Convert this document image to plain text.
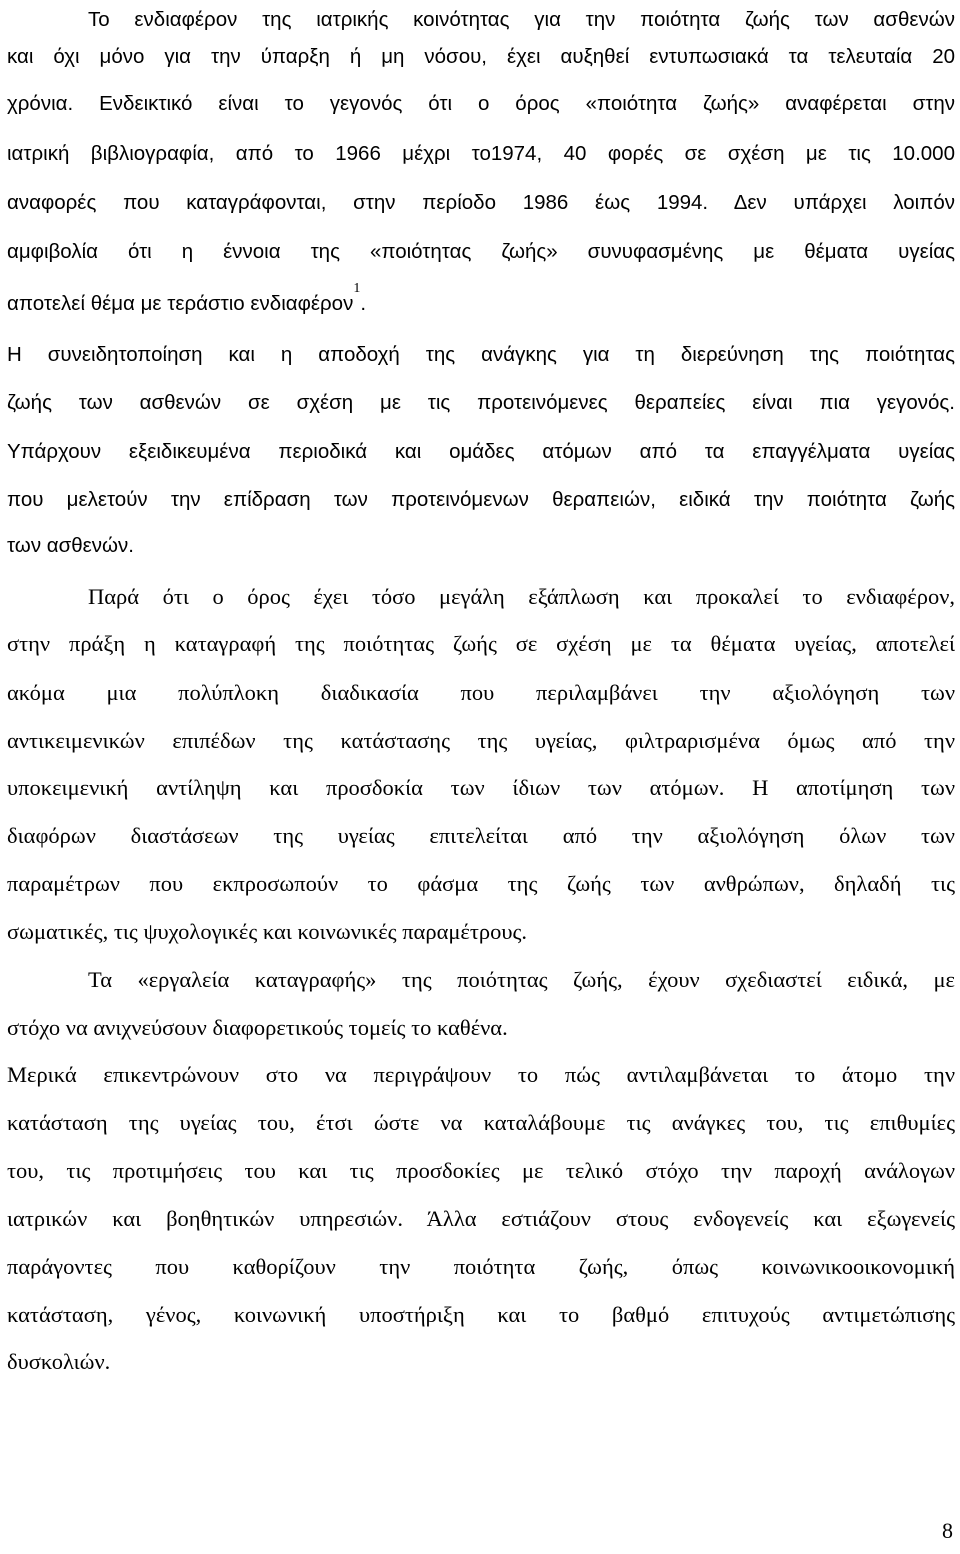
Το ενδιαφέρον της ιατρικής κοινότητας για την ποιότητα ζωής των ασθενών
και όχι μόνο για την ύπαρξη ή μη νόσου, έχει αυξηθεί εντυπωσιακά τα τελευταία 20
χρόνια. Ενδεικτικό είναι το γεγονός ότι ο όρος «ποιότητα ζωής» αναφέρεται στην
ιατρική βιβλιογραφία, από το 1966 μέχρι το1974, 40 φορές σε σχέση με τις 10.000
αναφορές που καταγράφονται, στην περίοδο 1986 έως 1994. Δεν υπάρχει λοιπόν
αμφιβολία ότι η έννοια της «ποιότητας ζωής» συνυφασμένης με θέματα υγείας
αποτελεί θέμα με τεράστιο ενδιαφέρον$^1$.
Η συνειδητοποίηση και η αποδοχή της ανάγκης για τη διερεύνηση της ποιότητας
ζωής των ασθενών σε σχέση με τις προτεινόμενες θεραπείες είναι πια γεγονός.
Υπάρχουν εξειδικευμένα περιοδικά και ομάδες ατόμων από τα επαγγέλματα υγείας
που μελετούν την επίδραση των προτεινόμενων θεραπειών, ειδικά την ποιότητα ζωής
των ασθενών.
Παρά ότι ο όρος έχει τόσο μεγάλη εξάπλωση και προκαλεί το ενδιαφέρον,
στην πράξη η καταγραφή της ποιότητας ζωής σε σχέση με τα θέματα υγείας, αποτελεί
ακόμα μια πολύπλοκη διαδικασία που περιλαμβάνει την αξιολόγηση των
αντικειμενικών επιπέδων της κατάστασης της υγείας, φιλτραρισμένα όμως από την
υποκειμενική αντίληψη και προσδοκία των ίδιων των ατόμων. Η αποτίμηση των
διαφόρων διαστάσεων της υγείας επιτελείται από την αξιολόγηση όλων των
παραμέτρων που εκπροσωπούν το φάσμα της ζωής των ανθρώπων, δηλαδή τις
σωματικές, τις ψυχολογικές και κοινωνικές παραμέτρους.
Τα «εργαλεία καταγραφής» της ποιότητας ζωής, έχουν σχεδιαστεί ειδικά, με
στόχο να ανιχνεύσουν διαφορετικούς τομείς το καθένα.
Μερικά επικεντρώνουν στο να περιγράψουν το πώς αντιλαμβάνεται το άτομο την
κατάσταση της υγείας του, έτσι ώστε να καταλάβουμε τις ανάγκες του, τις επιθυμίες
του, τις προτιμήσεις του και τις προσδοκίες με τελικό στόχο την παροχή ανάλογων
ιατρικών και βοηθητικών υπηρεσιών. Άλλα εστιάζουν στους ενδογενείς και εξωγενείς
παράγοντες που καθορίζουν την ποιότητα ζωής, όπως κοινωνικοοικονομική
κατάσταση, γένος, κοινωνική υποστήριξη και το βαθμό επιτυχούς αντιμετώπισης
δυσκολιών.
8
